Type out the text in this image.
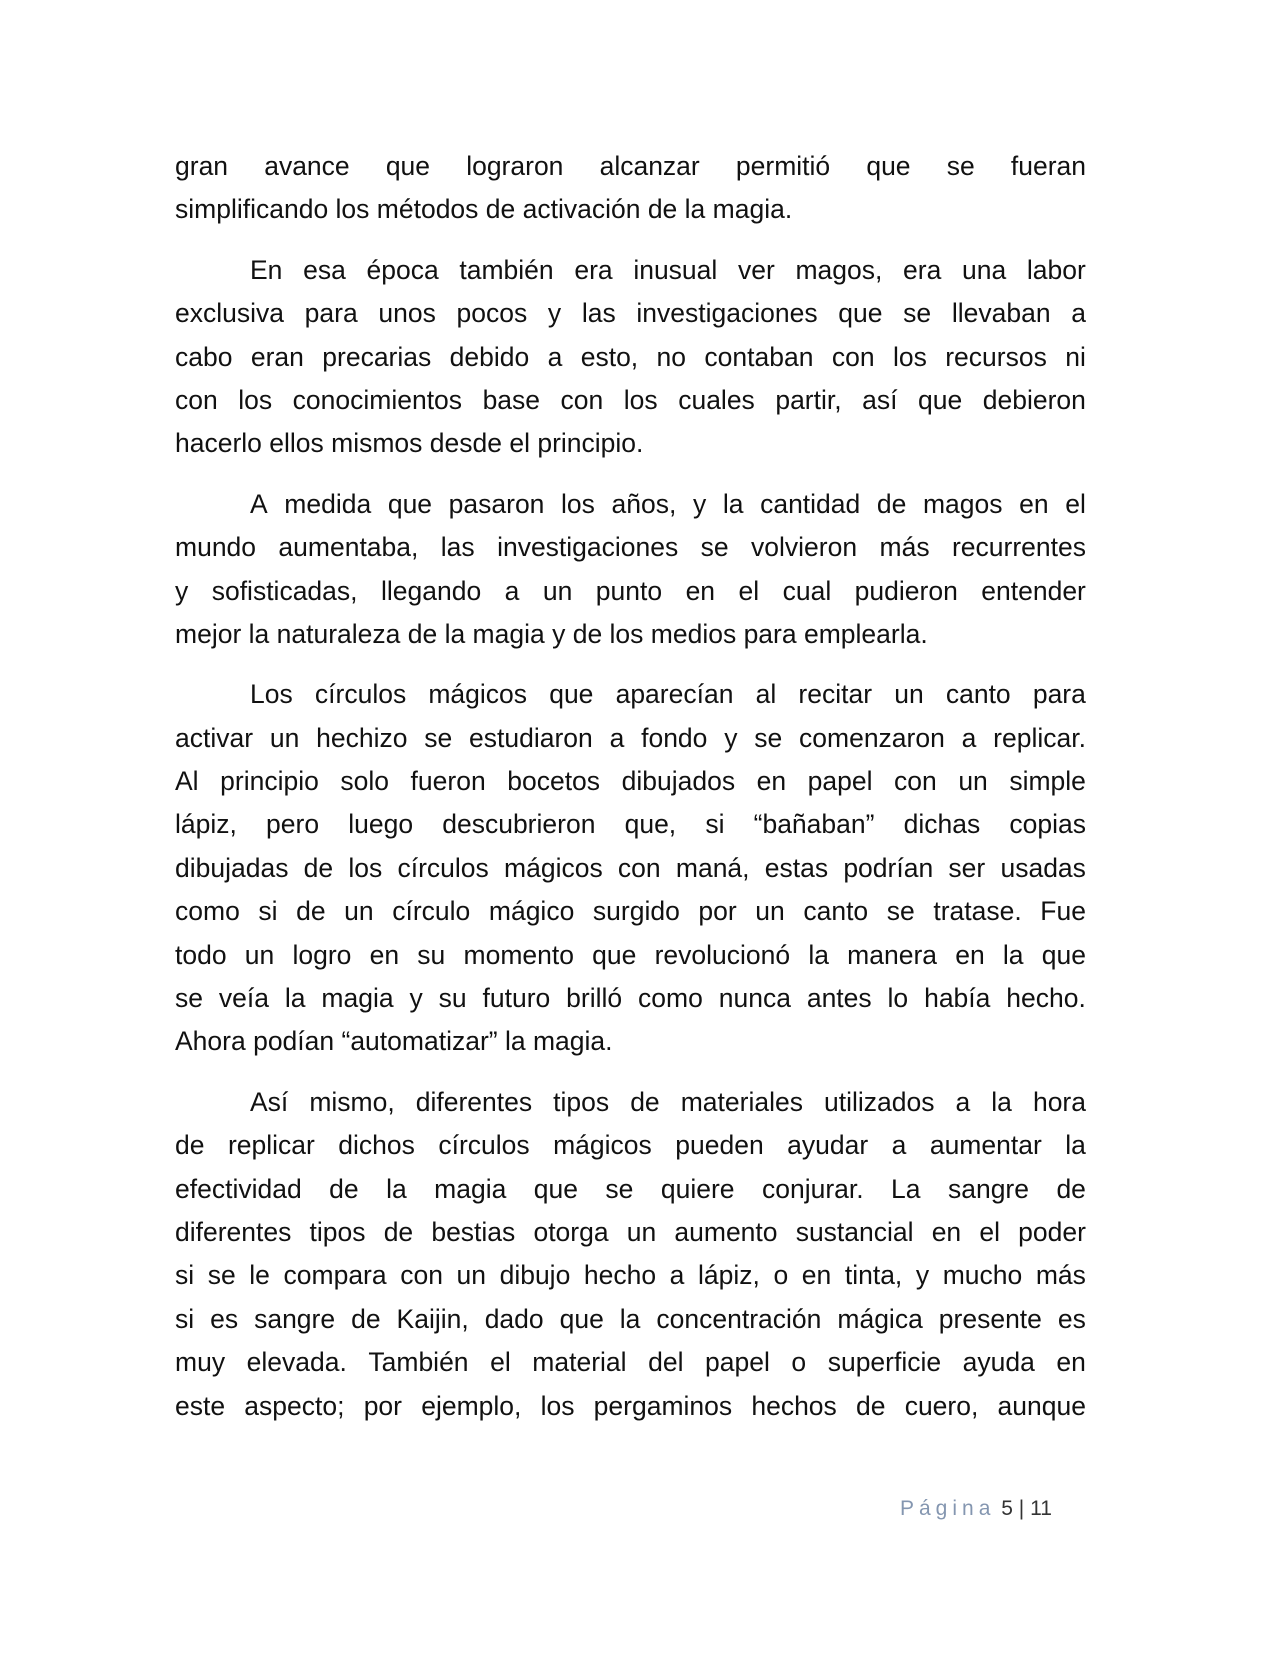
gran avance que lograron alcanzar permitió que se fueran
simplificando los métodos de activación de la magia.
En esa época también era inusual ver magos, era una labor
exclusiva para unos pocos y las investigaciones que se llevaban a
cabo eran precarias debido a esto, no contaban con los recursos ni
con los conocimientos base con los cuales partir, así que debieron
hacerlo ellos mismos desde el principio.
A medida que pasaron los años, y la cantidad de magos en el
mundo aumentaba, las investigaciones se volvieron más recurrentes
y sofisticadas, llegando a un punto en el cual pudieron entender
mejor la naturaleza de la magia y de los medios para emplearla.
Los círculos mágicos que aparecían al recitar un canto para
activar un hechizo se estudiaron a fondo y se comenzaron a replicar.
Al principio solo fueron bocetos dibujados en papel con un simple
lápiz, pero luego descubrieron que, si “bañaban” dichas copias
dibujadas de los círculos mágicos con maná, estas podrían ser usadas
como si de un círculo mágico surgido por un canto se tratase. Fue
todo un logro en su momento que revolucionó la manera en la que
se veía la magia y su futuro brilló como nunca antes lo había hecho.
Ahora podían “automatizar” la magia.
Así mismo, diferentes tipos de materiales utilizados a la hora
de replicar dichos círculos mágicos pueden ayudar a aumentar la
efectividad de la magia que se quiere conjurar. La sangre de
diferentes tipos de bestias otorga un aumento sustancial en el poder
si se le compara con un dibujo hecho a lápiz, o en tinta, y mucho más
si es sangre de Kaijin, dado que la concentración mágica presente es
muy elevada. También el material del papel o superficie ayuda en
este aspecto; por ejemplo, los pergaminos hechos de cuero, aunque
Página 5 | 11
